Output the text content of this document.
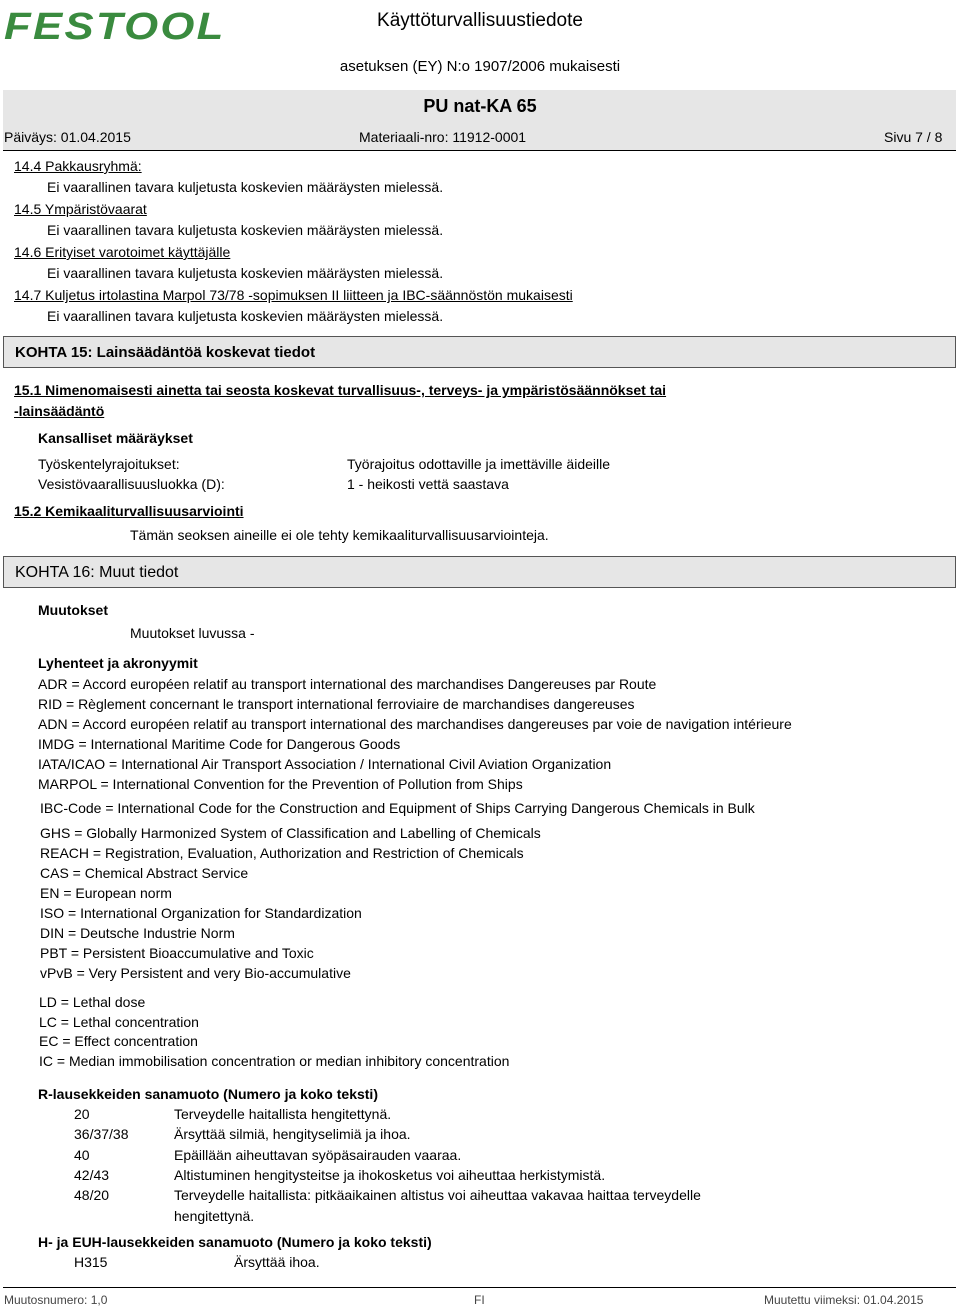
FESTOOL	Käyttöturvallisuustiedote
asetuksen (EY) N:o 1907/2006 mukaisesti
PU nat-KA 65
Päiväys: 01.04.2015	Materiaali-nro: 11912-0001	Sivu 7 / 8
14.4 Pakkausryhmä:
Ei vaarallinen tavara kuljetusta koskevien määräysten mielessä.
14.5 Ympäristövaarat
Ei vaarallinen tavara kuljetusta koskevien määräysten mielessä.
14.6 Erityiset varotoimet käyttäjälle
Ei vaarallinen tavara kuljetusta koskevien määräysten mielessä.
14.7 Kuljetus irtolastina Marpol 73/78 -sopimuksen II liitteen ja IBC-säännöstön mukaisesti
Ei vaarallinen tavara kuljetusta koskevien määräysten mielessä.
KOHTA 15: Lainsäädäntöä koskevat tiedot
15.1 Nimenomaisesti ainetta tai seosta koskevat turvallisuus-, terveys- ja ympäristösäännökset tai
-lainsäädäntö
Kansalliset määräykset
Työskentelyrajoitukset:	Työrajoitus odottaville ja imettäville äideille
Vesistövaarallisuusluokka (D):	1 - heikosti vettä saastava
15.2 Kemikaaliturvallisuusarviointi
Tämän seoksen aineille ei ole tehty kemikaaliturvallisuusarviointeja.
KOHTA 16: Muut tiedot
Muutokset
Muutokset luvussa -
Lyhenteet ja akronyymit
ADR = Accord européen relatif au transport international des marchandises Dangereuses par Route
RID = Règlement concernant le transport international ferroviaire de marchandises dangereuses
ADN = Accord européen relatif au transport international des marchandises dangereuses par voie de navigation intérieure
IMDG = International Maritime Code for Dangerous Goods
IATA/ICAO = International Air Transport Association / International Civil Aviation Organization
MARPOL = International Convention for the Prevention of Pollution from Ships
IBC-Code = International Code for the Construction and Equipment of Ships Carrying Dangerous Chemicals in Bulk
GHS = Globally Harmonized System of Classification and Labelling of Chemicals
REACH = Registration, Evaluation, Authorization and Restriction of Chemicals
CAS = Chemical Abstract Service
EN = European norm
ISO = International Organization for Standardization
DIN = Deutsche Industrie Norm
PBT = Persistent Bioaccumulative and Toxic
vPvB = Very Persistent and very Bio-accumulative
LD = Lethal dose
LC = Lethal concentration
EC = Effect concentration
IC = Median immobilisation concentration or median inhibitory concentration
R-lausekkeiden sanamuoto (Numero ja koko teksti)
20	Terveydelle haitallista hengitettynä.
36/37/38	Ärsyttää silmiä, hengityselimiä ja ihoa.
40	Epäillään aiheuttavan syöpäsairauden vaaraa.
42/43	Altistuminen hengitysteitse ja ihokosketus voi aiheuttaa herkistymistä.
48/20	Terveydelle haitallista: pitkäaikainen altistus voi aiheuttaa vakavaa haittaa terveydelle
hengitettynä.
H- ja EUH-lausekkeiden sanamuoto (Numero ja koko teksti)
H315	Ärsyttää ihoa.
Muutosnumero: 1,0	FI	Muutettu viimeksi: 01.04.2015
